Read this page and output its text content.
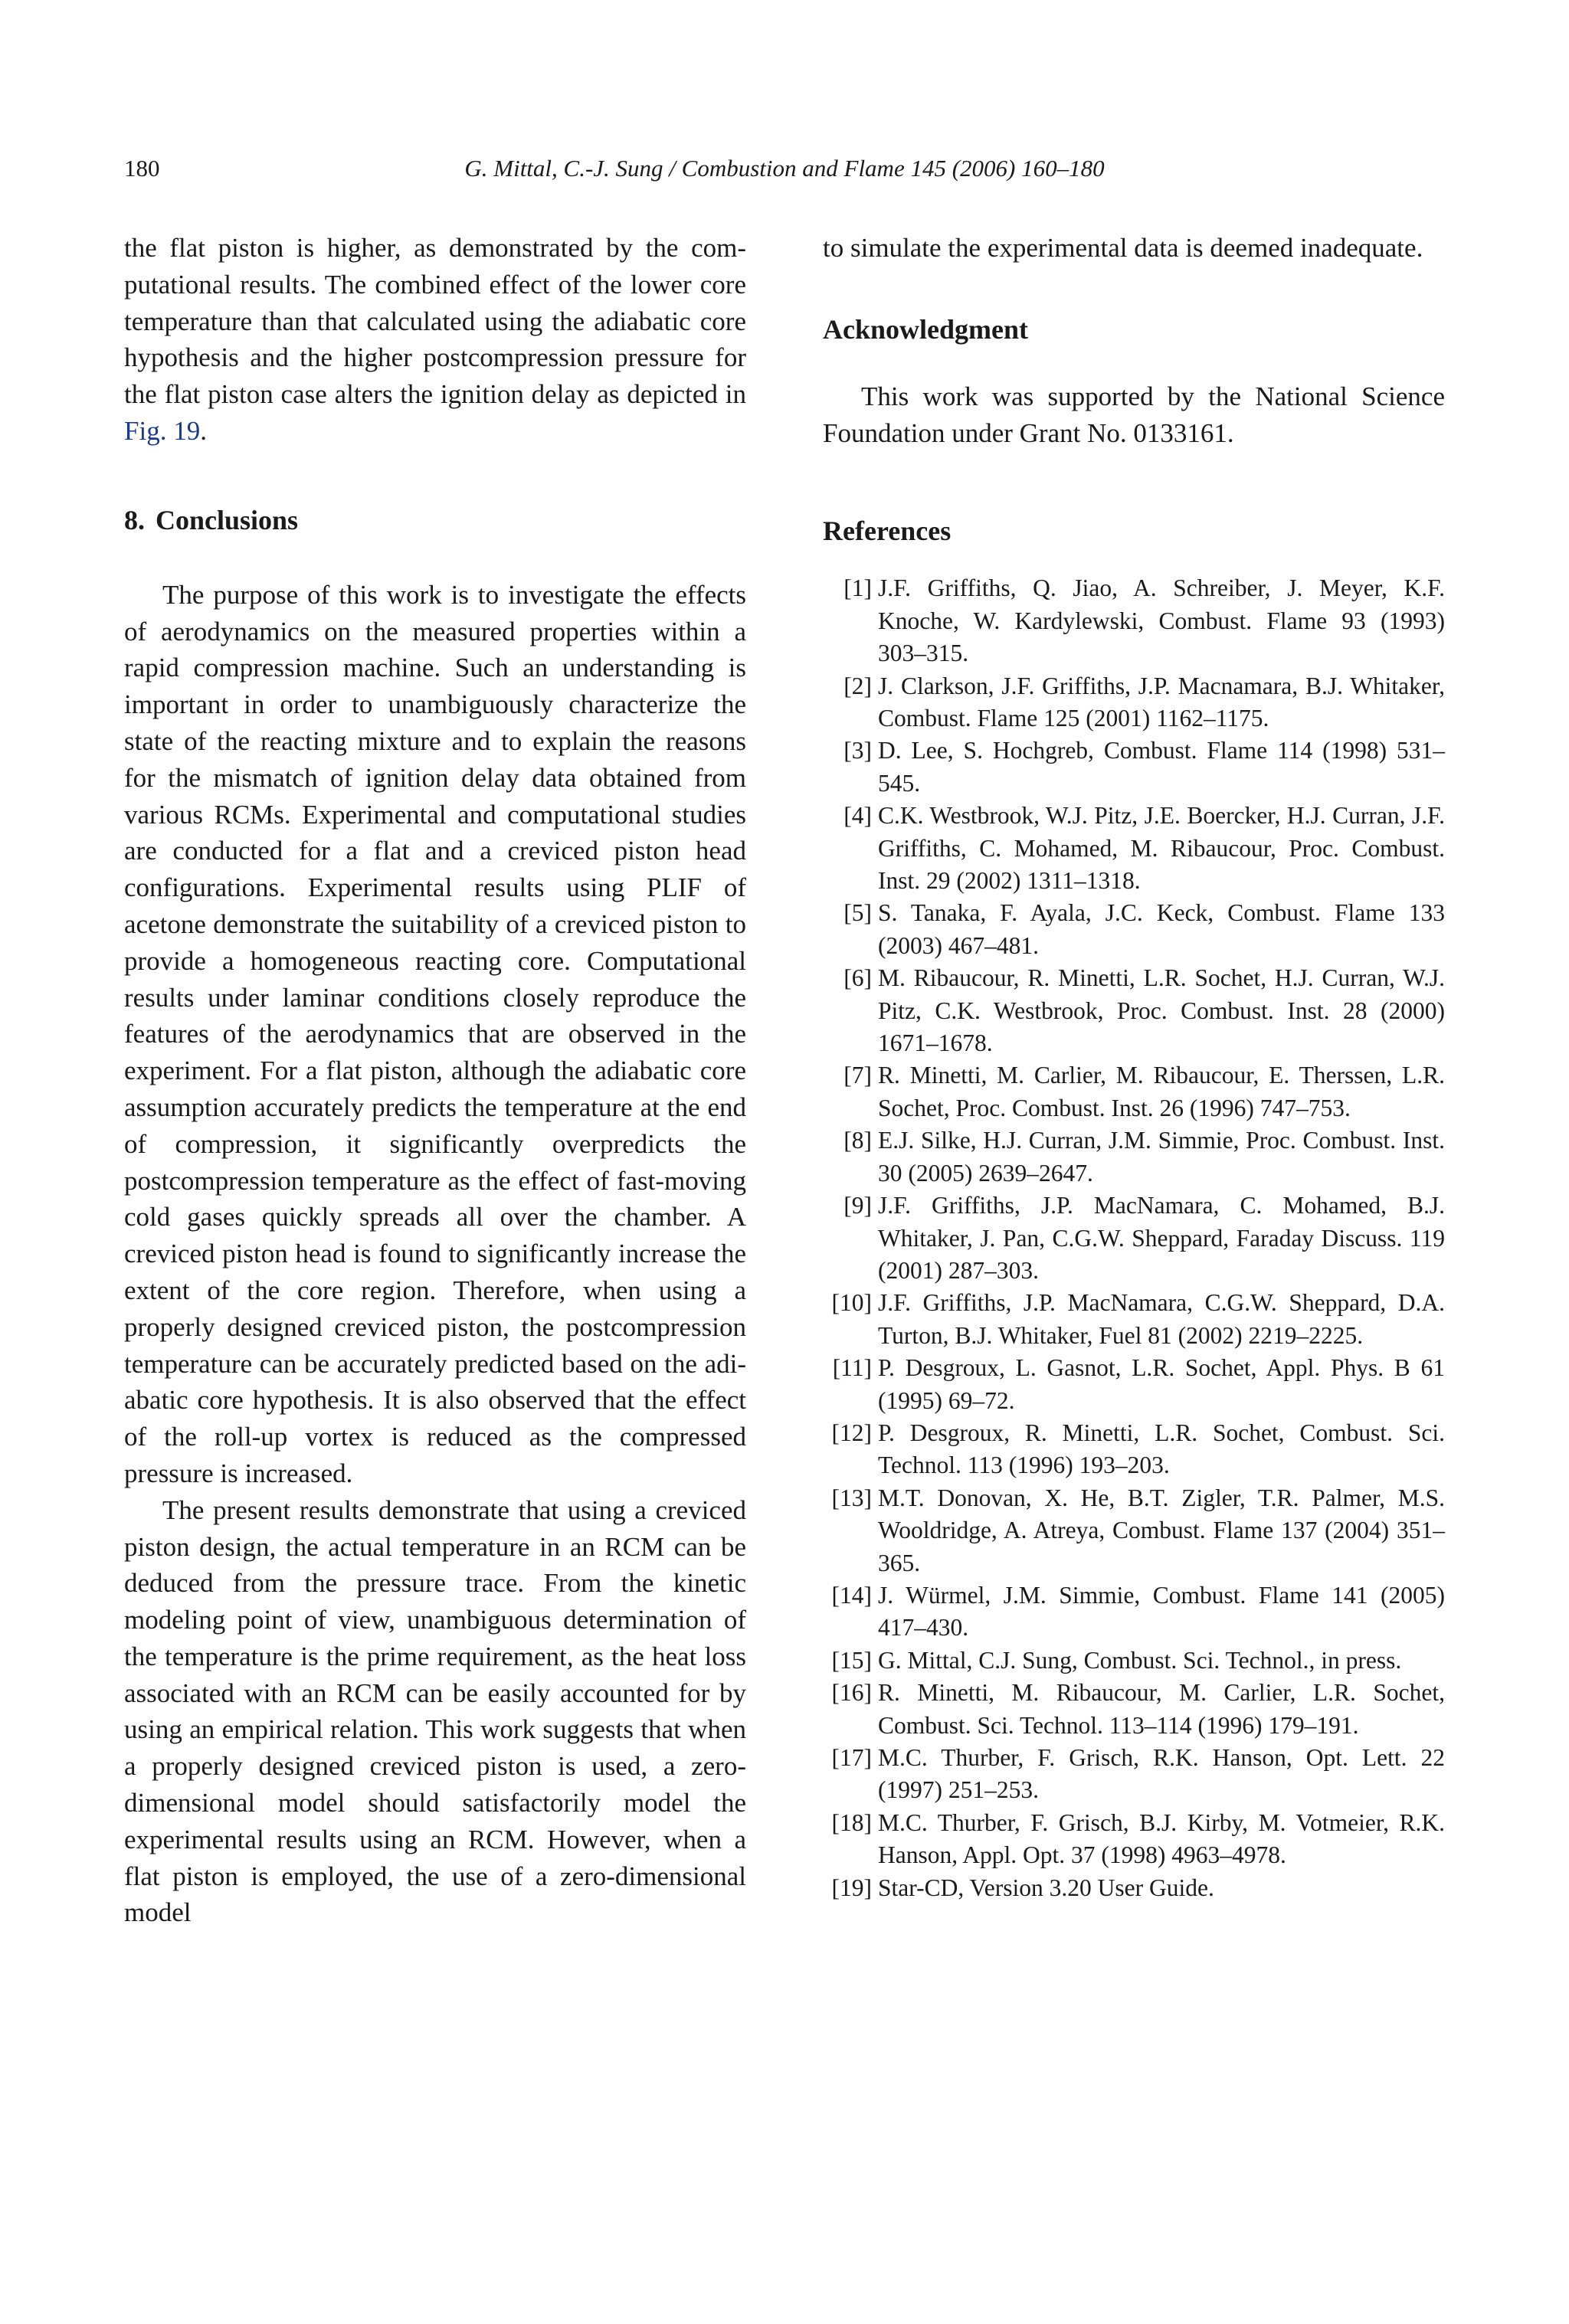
180	G. Mittal, C.-J. Sung / Combustion and Flame 145 (2006) 160–180

the flat piston is higher, as demonstrated by the computational results. The combined effect of the lower core temperature than that calculated using the adiabatic core hypothesis and the higher postcompression pressure for the flat piston case alters the ignition delay as depicted in Fig. 19.

8. Conclusions

The purpose of this work is to investigate the effects of aerodynamics on the measured properties within a rapid compression machine. Such an understanding is important in order to unambiguously characterize the state of the reacting mixture and to explain the reasons for the mismatch of ignition delay data obtained from various RCMs. Experimental and computational studies are conducted for a flat and a creviced piston head configurations. Experimental results using PLIF of acetone demonstrate the suitability of a creviced piston to provide a homogeneous reacting core. Computational results under laminar conditions closely reproduce the features of the aerodynamics that are observed in the experiment. For a flat piston, although the adiabatic core assumption accurately predicts the temperature at the end of compression, it significantly overpredicts the postcompression temperature as the effect of fast-moving cold gases quickly spreads all over the chamber. A creviced piston head is found to significantly increase the extent of the core region. Therefore, when using a properly designed creviced piston, the postcompression temperature can be accurately predicted based on the adiabatic core hypothesis. It is also observed that the effect of the roll-up vortex is reduced as the compressed pressure is increased.

The present results demonstrate that using a creviced piston design, the actual temperature in an RCM can be deduced from the pressure trace. From the kinetic modeling point of view, unambiguous determination of the temperature is the prime requirement, as the heat loss associated with an RCM can be easily accounted for by using an empirical relation. This work suggests that when a properly designed creviced piston is used, a zero-dimensional model should satisfactorily model the experimental results using an RCM. However, when a flat piston is employed, the use of a zero-dimensional model

to simulate the experimental data is deemed inadequate.

Acknowledgment

This work was supported by the National Science Foundation under Grant No. 0133161.

References
[1] J.F. Griffiths, Q. Jiao, A. Schreiber, J. Meyer, K.F. Knoche, W. Kardylewski, Combust. Flame 93 (1993) 303–315.
[2] J. Clarkson, J.F. Griffiths, J.P. Macnamara, B.J. Whitaker, Combust. Flame 125 (2001) 1162–1175.
[3] D. Lee, S. Hochgreb, Combust. Flame 114 (1998) 531–545.
[4] C.K. Westbrook, W.J. Pitz, J.E. Boercker, H.J. Curran, J.F. Griffiths, C. Mohamed, M. Ribaucour, Proc. Combust. Inst. 29 (2002) 1311–1318.
[5] S. Tanaka, F. Ayala, J.C. Keck, Combust. Flame 133 (2003) 467–481.
[6] M. Ribaucour, R. Minetti, L.R. Sochet, H.J. Curran, W.J. Pitz, C.K. Westbrook, Proc. Combust. Inst. 28 (2000) 1671–1678.
[7] R. Minetti, M. Carlier, M. Ribaucour, E. Therssen, L.R. Sochet, Proc. Combust. Inst. 26 (1996) 747–753.
[8] E.J. Silke, H.J. Curran, J.M. Simmie, Proc. Combust. Inst. 30 (2005) 2639–2647.
[9] J.F. Griffiths, J.P. MacNamara, C. Mohamed, B.J. Whitaker, J. Pan, C.G.W. Sheppard, Faraday Discuss. 119 (2001) 287–303.
[10] J.F. Griffiths, J.P. MacNamara, C.G.W. Sheppard, D.A. Turton, B.J. Whitaker, Fuel 81 (2002) 2219–2225.
[11] P. Desgroux, L. Gasnot, L.R. Sochet, Appl. Phys. B 61 (1995) 69–72.
[12] P. Desgroux, R. Minetti, L.R. Sochet, Combust. Sci. Technol. 113 (1996) 193–203.
[13] M.T. Donovan, X. He, B.T. Zigler, T.R. Palmer, M.S. Wooldridge, A. Atreya, Combust. Flame 137 (2004) 351–365.
[14] J. Würmel, J.M. Simmie, Combust. Flame 141 (2005) 417–430.
[15] G. Mittal, C.J. Sung, Combust. Sci. Technol., in press.
[16] R. Minetti, M. Ribaucour, M. Carlier, L.R. Sochet, Combust. Sci. Technol. 113–114 (1996) 179–191.
[17] M.C. Thurber, F. Grisch, R.K. Hanson, Opt. Lett. 22 (1997) 251–253.
[18] M.C. Thurber, F. Grisch, B.J. Kirby, M. Votmeier, R.K. Hanson, Appl. Opt. 37 (1998) 4963–4978.
[19] Star-CD, Version 3.20 User Guide.
